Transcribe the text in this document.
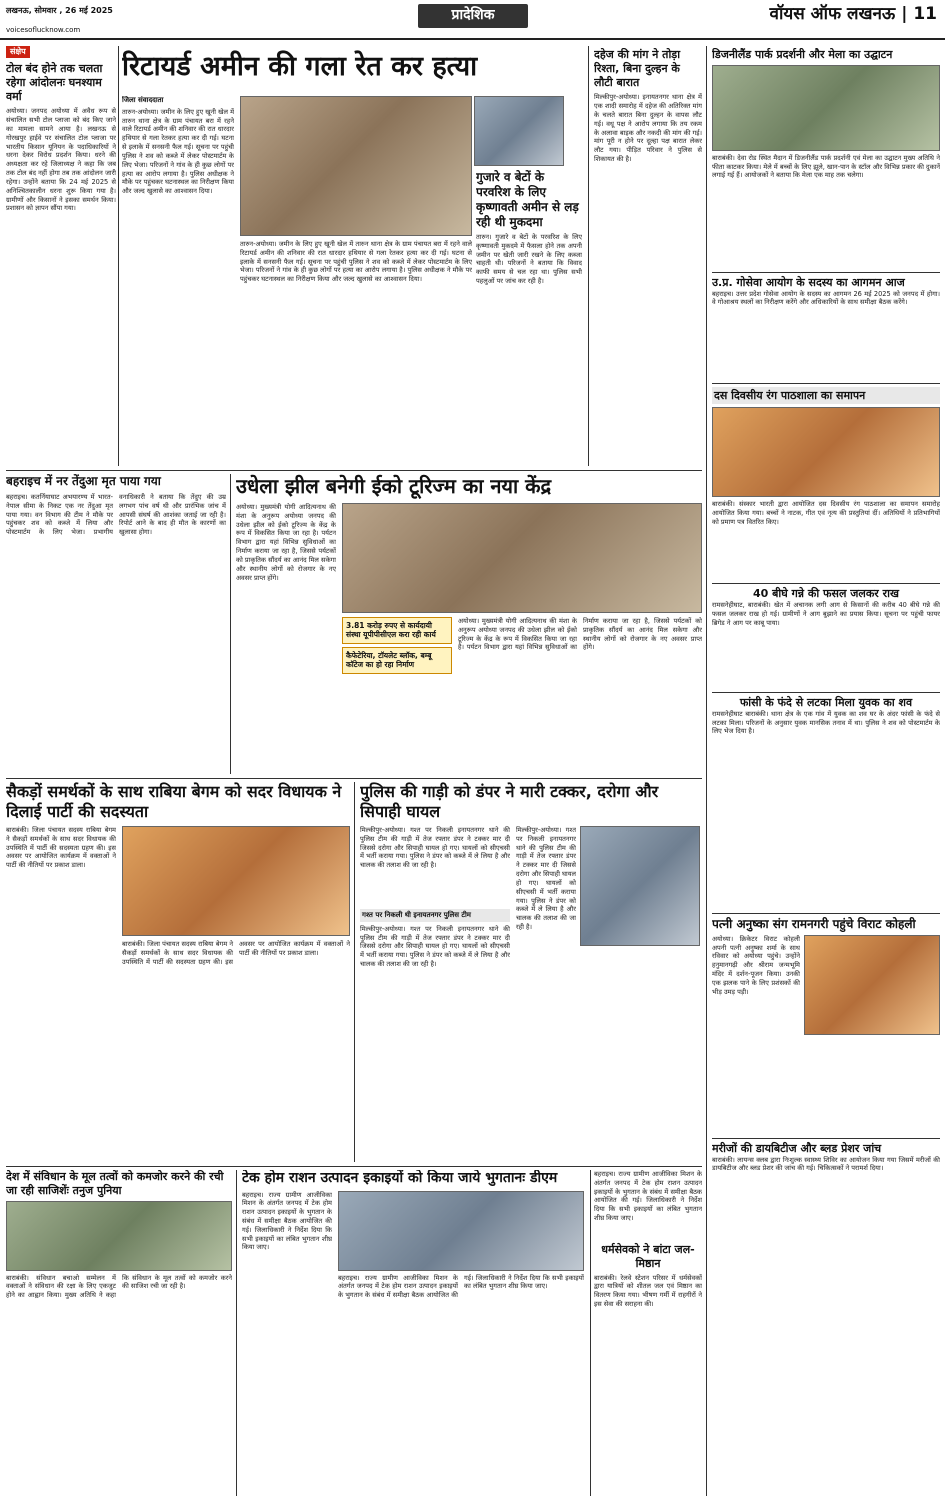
लखनऊ, सोमवार , 26 मई 2025
voicesoflucknow.com
प्रादेशिक	वॉयस ऑफ लखनऊ | 11
संक्षेप
टोल बंद होने तक चलता रहेगा आंदोलनः घनश्याम वर्मा
अयोध्या। जनपद अयोध्या में अवैध रूप से संचालित सभी टोल प्लाजा को बंद किए जाने का मामला सामने आया है। लखनऊ से गोरखपुर हाईवे पर संचालित टोल प्लाजा पर भारतीय किसान यूनियन के पदाधिकारियों ने धरना देकर विरोध प्रदर्शन किया। धरने की अध्यक्षता कर रहे जिलाध्यक्ष ने कहा कि जब तक टोल बंद नहीं होगा तब तक आंदोलन जारी रहेगा। उन्होंने बताया कि 24 मई 2025 से अनिश्चितकालीन धरना शुरू किया गया है। ग्रामीणों और किसानों ने इसका समर्थन किया। प्रशासन को ज्ञापन सौंपा गया।
रिटायर्ड अमीन की गला रेत कर हत्या
जिला संवाददाता
तारुन-अयोध्या। जमीन के लिए हुए खूनी खेल में तारुन थाना क्षेत्र के ग्राम पंचायत बरा में रहने वाले रिटायर्ड अमीन की शनिवार की रात धारदार हथियार से गला रेतकर हत्या कर दी गई। घटना से इलाके में सनसनी फैल गई। सूचना पर पहुंची पुलिस ने शव को कब्जे में लेकर पोस्टमार्टम के लिए भेजा। परिजनों ने गांव के ही कुछ लोगों पर हत्या का आरोप लगाया है। पुलिस अधीक्षक ने मौके पर पहुंचकर घटनास्थल का निरीक्षण किया और जल्द खुलासे का आश्वासन दिया।
तारुन-अयोध्या। जमीन के लिए हुए खूनी खेल में तारुन थाना क्षेत्र के ग्राम पंचायत बरा में रहने वाले रिटायर्ड अमीन की शनिवार की रात धारदार हथियार से गला रेतकर हत्या कर दी गई। घटना से इलाके में सनसनी फैल गई। सूचना पर पहुंची पुलिस ने शव को कब्जे में लेकर पोस्टमार्टम के लिए भेजा। परिजनों ने गांव के ही कुछ लोगों पर हत्या का आरोप लगाया है। पुलिस अधीक्षक ने मौके पर पहुंचकर घटनास्थल का निरीक्षण किया और जल्द खुलासे का आश्वासन दिया।
गुजारे व बेटों के परवरिश के लिए कृष्णावती अमीन से लड़ रही थी मुकदमा
तारुन। गुजारे व बेटों के परवरिश के लिए कृष्णावती मुकदमे में फैसला होने तक अपनी जमीन पर खेती जारी रखने के लिए कब्जा चाहती थी। परिजनों ने बताया कि विवाद काफी समय से चल रहा था। पुलिस सभी पहलुओं पर जांच कर रही है।
दहेज की मांग ने तोड़ा रिश्ता, बिना दुल्हन के लौटी बारात
मिल्कीपुर-अयोध्या। इनायतनगर थाना क्षेत्र में एक शादी समारोह में दहेज की अतिरिक्त मांग के चलते बारात बिना दुल्हन के वापस लौट गई। वधू पक्ष ने आरोप लगाया कि तय रकम के अलावा बाइक और नकदी की मांग की गई। मांग पूरी न होने पर दूल्हा पक्ष बारात लेकर लौट गया। पीड़ित परिवार ने पुलिस से शिकायत की है।
डिजनीलैंड पार्क प्रदर्शनी और मेला का उद्घाटन
बाराबंकी। देवा रोड स्थित मैदान में डिजनीलैंड पार्क प्रदर्शनी एवं मेला का उद्घाटन मुख्य अतिथि ने फीता काटकर किया। मेले में बच्चों के लिए झूले, खान-पान के स्टॉल और विभिन्न प्रकार की दुकानें लगाई गई हैं। आयोजकों ने बताया कि मेला एक माह तक चलेगा।
उ.प्र. गोसेवा आयोग के सदस्य का आगमन आज
बहराइच। उत्तर प्रदेश गोसेवा आयोग के सदस्य का आगमन 26 मई 2025 को जनपद में होगा। वे गोआश्रय स्थलों का निरीक्षण करेंगे और अधिकारियों के साथ समीक्षा बैठक करेंगे।
दस दिवसीय रंग पाठशाला का समापन
बाराबंकी। संस्कार भारती द्वारा आयोजित दस दिवसीय रंग पाठशाला का समापन समारोह आयोजित किया गया। बच्चों ने नाटक, गीत एवं नृत्य की प्रस्तुतियां दीं। अतिथियों ने प्रतिभागियों को प्रमाण पत्र वितरित किए।
40 बीघे गन्ने की फसल जलकर राख
रामसनेहीघाट, बाराबंकी। खेत में अचानक लगी आग से किसानों की करीब 40 बीघे गन्ने की फसल जलकर राख हो गई। ग्रामीणों ने आग बुझाने का प्रयास किया। सूचना पर पहुंची फायर ब्रिगेड ने आग पर काबू पाया।
फांसी के फंदे से लटका मिला युवक का शव
रामसनेहीघाट बाराबंकी। थाना क्षेत्र के एक गांव में युवक का शव घर के अंदर फांसी के फंदे से लटका मिला। परिजनों के अनुसार युवक मानसिक तनाव में था। पुलिस ने शव को पोस्टमार्टम के लिए भेज दिया है।
पत्नी अनुष्का संग रामनगरी पहुंचे विराट कोहली
अयोध्या। क्रिकेटर विराट कोहली अपनी पत्नी अनुष्का शर्मा के साथ रविवार को अयोध्या पहुंचे। उन्होंने हनुमानगढ़ी और श्रीराम जन्मभूमि मंदिर में दर्शन-पूजन किया। उनकी एक झलक पाने के लिए प्रशंसकों की भीड़ उमड़ पड़ी।
मरीजों की डायबिटीज और ब्लड प्रेशर जांच
बाराबंकी। लायन्स क्लब द्वारा निःशुल्क स्वास्थ्य शिविर का आयोजन किया गया जिसमें मरीजों की डायबिटीज और ब्लड प्रेशर की जांच की गई। चिकित्सकों ने परामर्श दिया।
बहराइच में नर तेंदुआ मृत पाया गया
बहराइच। कतर्नियाघाट अभयारण्य में भारत-नेपाल सीमा के निकट एक नर तेंदुआ मृत पाया गया। वन विभाग की टीम ने मौके पर पहुंचकर शव को कब्जे में लिया और पोस्टमार्टम के लिए भेजा। प्रभागीय वनाधिकारी ने बताया कि तेंदुए की उम्र लगभग पांच वर्ष थी और प्रारंभिक जांच में आपसी संघर्ष की आशंका जताई जा रही है। रिपोर्ट आने के बाद ही मौत के कारणों का खुलासा होगा।
उधेला झील बनेगी ईको टूरिज्म का नया केंद्र
अयोध्या। मुख्यमंत्री योगी आदित्यनाथ की मंशा के अनुरूप अयोध्या जनपद की उधेला झील को ईको टूरिज्म के केंद्र के रूप में विकसित किया जा रहा है। पर्यटन विभाग द्वारा यहां विभिन्न सुविधाओं का निर्माण कराया जा रहा है, जिससे पर्यटकों को प्राकृतिक सौंदर्य का आनंद मिल सकेगा और स्थानीय लोगों को रोजगार के नए अवसर प्राप्त होंगे।
3.81 करोड़ रुपए से कार्यदायी संस्था यूपीपीसीएल करा रही कार्य
कैफेटेरिया, टॉयलेट ब्लॉक, बम्बू कॉटेज का हो रहा निर्माण
अयोध्या। मुख्यमंत्री योगी आदित्यनाथ की मंशा के अनुरूप अयोध्या जनपद की उधेला झील को ईको टूरिज्म के केंद्र के रूप में विकसित किया जा रहा है। पर्यटन विभाग द्वारा यहां विभिन्न सुविधाओं का निर्माण कराया जा रहा है, जिससे पर्यटकों को प्राकृतिक सौंदर्य का आनंद मिल सकेगा और स्थानीय लोगों को रोजगार के नए अवसर प्राप्त होंगे।
सैकड़ों समर्थकों के साथ राबिया बेगम को सदर विधायक ने दिलाई पार्टी की सदस्यता
बाराबंकी। जिला पंचायत सदस्य राबिया बेगम ने सैकड़ों समर्थकों के साथ सदर विधायक की उपस्थिति में पार्टी की सदस्यता ग्रहण की। इस अवसर पर आयोजित कार्यक्रम में वक्ताओं ने पार्टी की नीतियों पर प्रकाश डाला।
बाराबंकी। जिला पंचायत सदस्य राबिया बेगम ने सैकड़ों समर्थकों के साथ सदर विधायक की उपस्थिति में पार्टी की सदस्यता ग्रहण की। इस अवसर पर आयोजित कार्यक्रम में वक्ताओं ने पार्टी की नीतियों पर प्रकाश डाला।
पुलिस की गाड़ी को डंपर ने मारी टक्कर, दरोगा और सिपाही घायल
मिल्कीपुर-अयोध्या। गश्त पर निकली इनायतनगर थाने की पुलिस टीम की गाड़ी में तेज रफ्तार डंपर ने टक्कर मार दी जिससे दरोगा और सिपाही घायल हो गए। घायलों को सीएचसी में भर्ती कराया गया। पुलिस ने डंपर को कब्जे में ले लिया है और चालक की तलाश की जा रही है।
गश्त पर निकली थी इनायतनगर पुलिस टीम
मिल्कीपुर-अयोध्या। गश्त पर निकली इनायतनगर थाने की पुलिस टीम की गाड़ी में तेज रफ्तार डंपर ने टक्कर मार दी जिससे दरोगा और सिपाही घायल हो गए। घायलों को सीएचसी में भर्ती कराया गया। पुलिस ने डंपर को कब्जे में ले लिया है और चालक की तलाश की जा रही है।
मिल्कीपुर-अयोध्या। गश्त पर निकली इनायतनगर थाने की पुलिस टीम की गाड़ी में तेज रफ्तार डंपर ने टक्कर मार दी जिससे दरोगा और सिपाही घायल हो गए। घायलों को सीएचसी में भर्ती कराया गया। पुलिस ने डंपर को कब्जे में ले लिया है और चालक की तलाश की जा रही है।
देश में संविधान के मूल तत्वों को कमजोर करने की रची जा रही साजिशेंः तनुज पुनिया
बाराबंकी। संविधान बचाओ सम्मेलन में वक्ताओं ने संविधान की रक्षा के लिए एकजुट होने का आह्वान किया। मुख्य अतिथि ने कहा कि संविधान के मूल तत्वों को कमजोर करने की साजिश रची जा रही है।
टेक होम राशन उत्पादन इकाइयों को किया जाये भुगतानः डीएम
बहराइच। राज्य ग्रामीण आजीविका मिशन के अंतर्गत जनपद में टेक होम राशन उत्पादन इकाइयों के भुगतान के संबंध में समीक्षा बैठक आयोजित की गई। जिलाधिकारी ने निर्देश दिया कि सभी इकाइयों का लंबित भुगतान शीघ्र किया जाए।
बहराइच। राज्य ग्रामीण आजीविका मिशन के अंतर्गत जनपद में टेक होम राशन उत्पादन इकाइयों के भुगतान के संबंध में समीक्षा बैठक आयोजित की गई। जिलाधिकारी ने निर्देश दिया कि सभी इकाइयों का लंबित भुगतान शीघ्र किया जाए।
बहराइच। राज्य ग्रामीण आजीविका मिशन के अंतर्गत जनपद में टेक होम राशन उत्पादन इकाइयों के भुगतान के संबंध में समीक्षा बैठक आयोजित की गई। जिलाधिकारी ने निर्देश दिया कि सभी इकाइयों का लंबित भुगतान शीघ्र किया जाए।
धर्मसेवको ने बांटा जल-मिष्ठान
बाराबंकी। रेलवे स्टेशन परिसर में धर्मसेवकों द्वारा यात्रियों को शीतल जल एवं मिष्ठान का वितरण किया गया। भीषण गर्मी में राहगीरों ने इस सेवा की सराहना की।
